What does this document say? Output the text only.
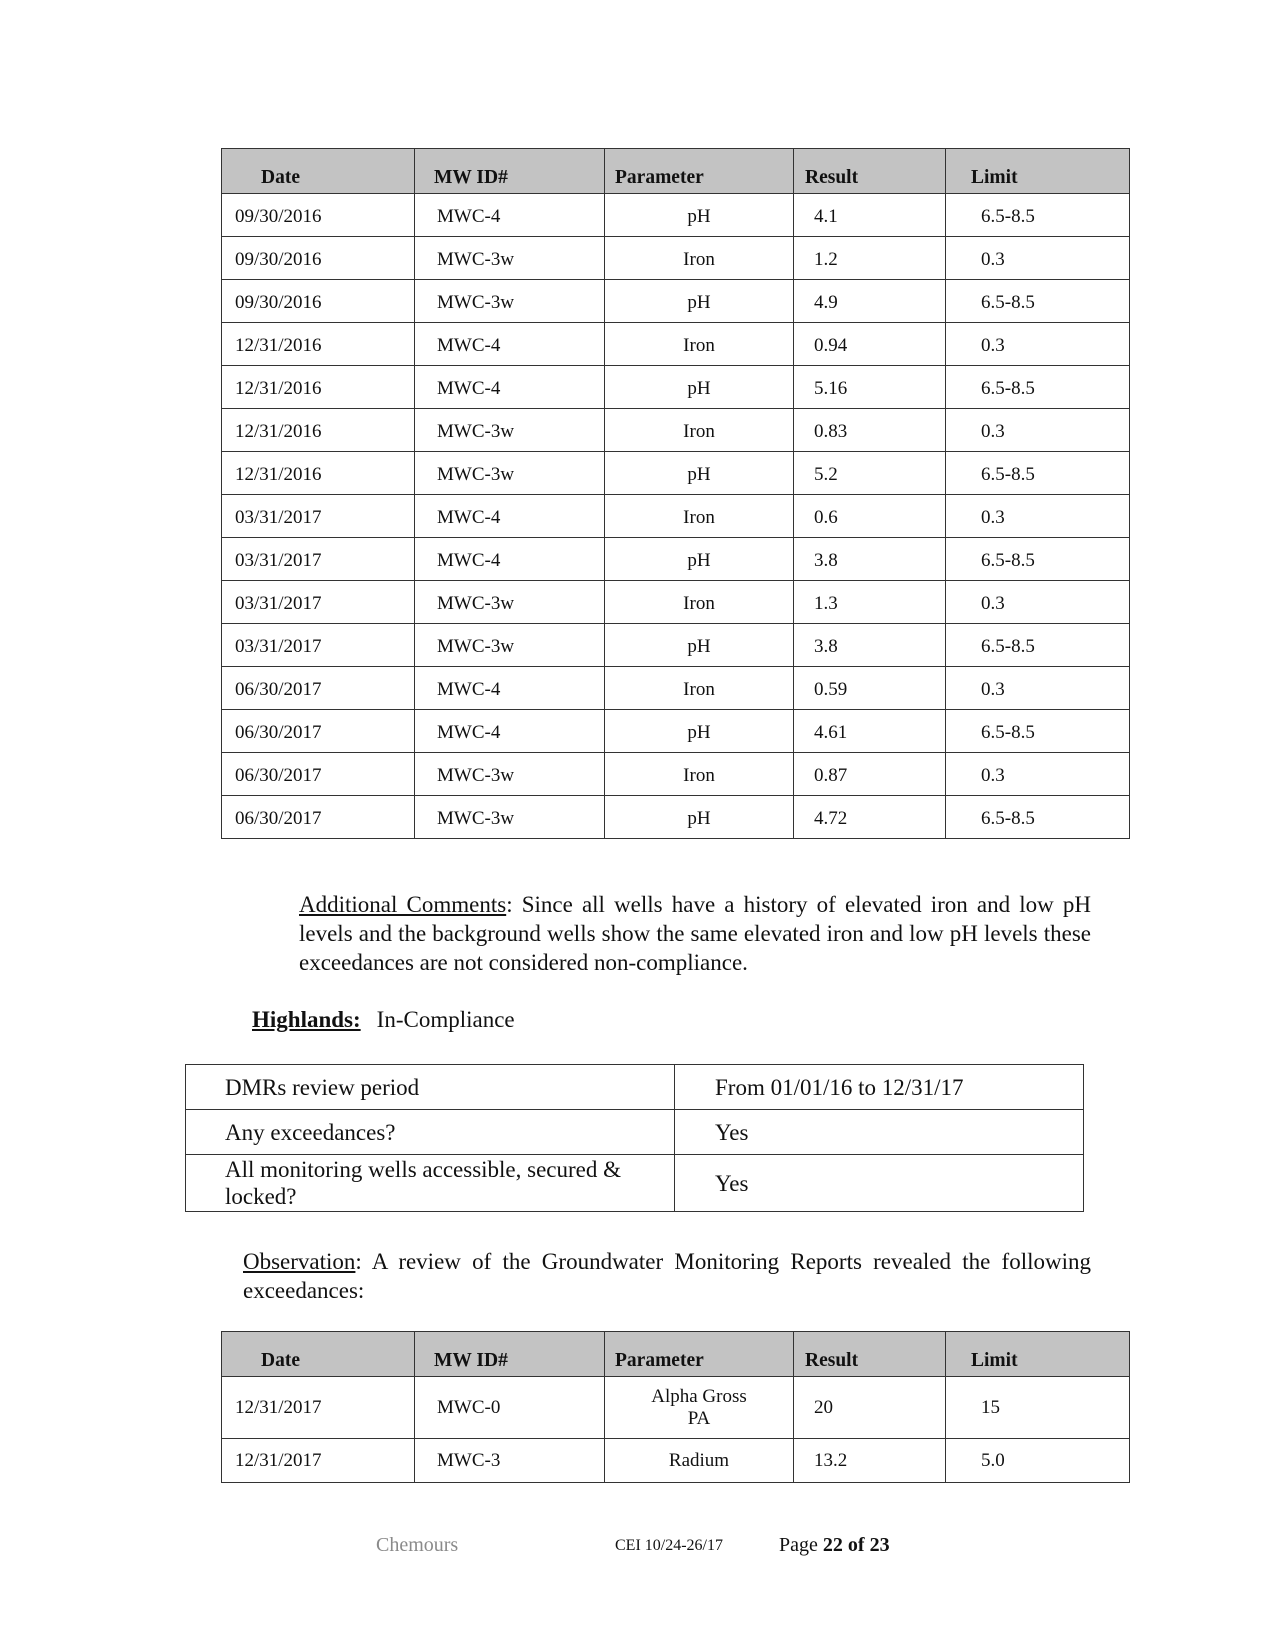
Date	MW ID#	Parameter	Result	Limit
09/30/2016	MWC-4	pH	4.1	6.5-8.5
09/30/2016	MWC-3w	Iron	1.2	0.3
09/30/2016	MWC-3w	pH	4.9	6.5-8.5
12/31/2016	MWC-4	Iron	0.94	0.3
12/31/2016	MWC-4	pH	5.16	6.5-8.5
12/31/2016	MWC-3w	Iron	0.83	0.3
12/31/2016	MWC-3w	pH	5.2	6.5-8.5
03/31/2017	MWC-4	Iron	0.6	0.3
03/31/2017	MWC-4	pH	3.8	6.5-8.5
03/31/2017	MWC-3w	Iron	1.3	0.3
03/31/2017	MWC-3w	pH	3.8	6.5-8.5
06/30/2017	MWC-4	Iron	0.59	0.3
06/30/2017	MWC-4	pH	4.61	6.5-8.5
06/30/2017	MWC-3w	Iron	0.87	0.3
06/30/2017	MWC-3w	pH	4.72	6.5-8.5
Additional Comments: Since all wells have a history of elevated iron and low pH levels and the background wells show the same elevated iron and low pH levels these exceedances are not considered non-compliance.
Highlands: In-Compliance
DMRs review period	From 01/01/16 to 12/31/17
Any exceedances?	Yes
All monitoring wells accessible, secured & locked?	Yes
Observation: A review of the Groundwater Monitoring Reports revealed the following exceedances:
Date	MW ID#	Parameter	Result	Limit
12/31/2017	MWC-0	Alpha Gross PA	20	15
12/31/2017	MWC-3	Radium	13.2	5.0
Chemours	CEI 10/24-26/17	Page 22 of 23
